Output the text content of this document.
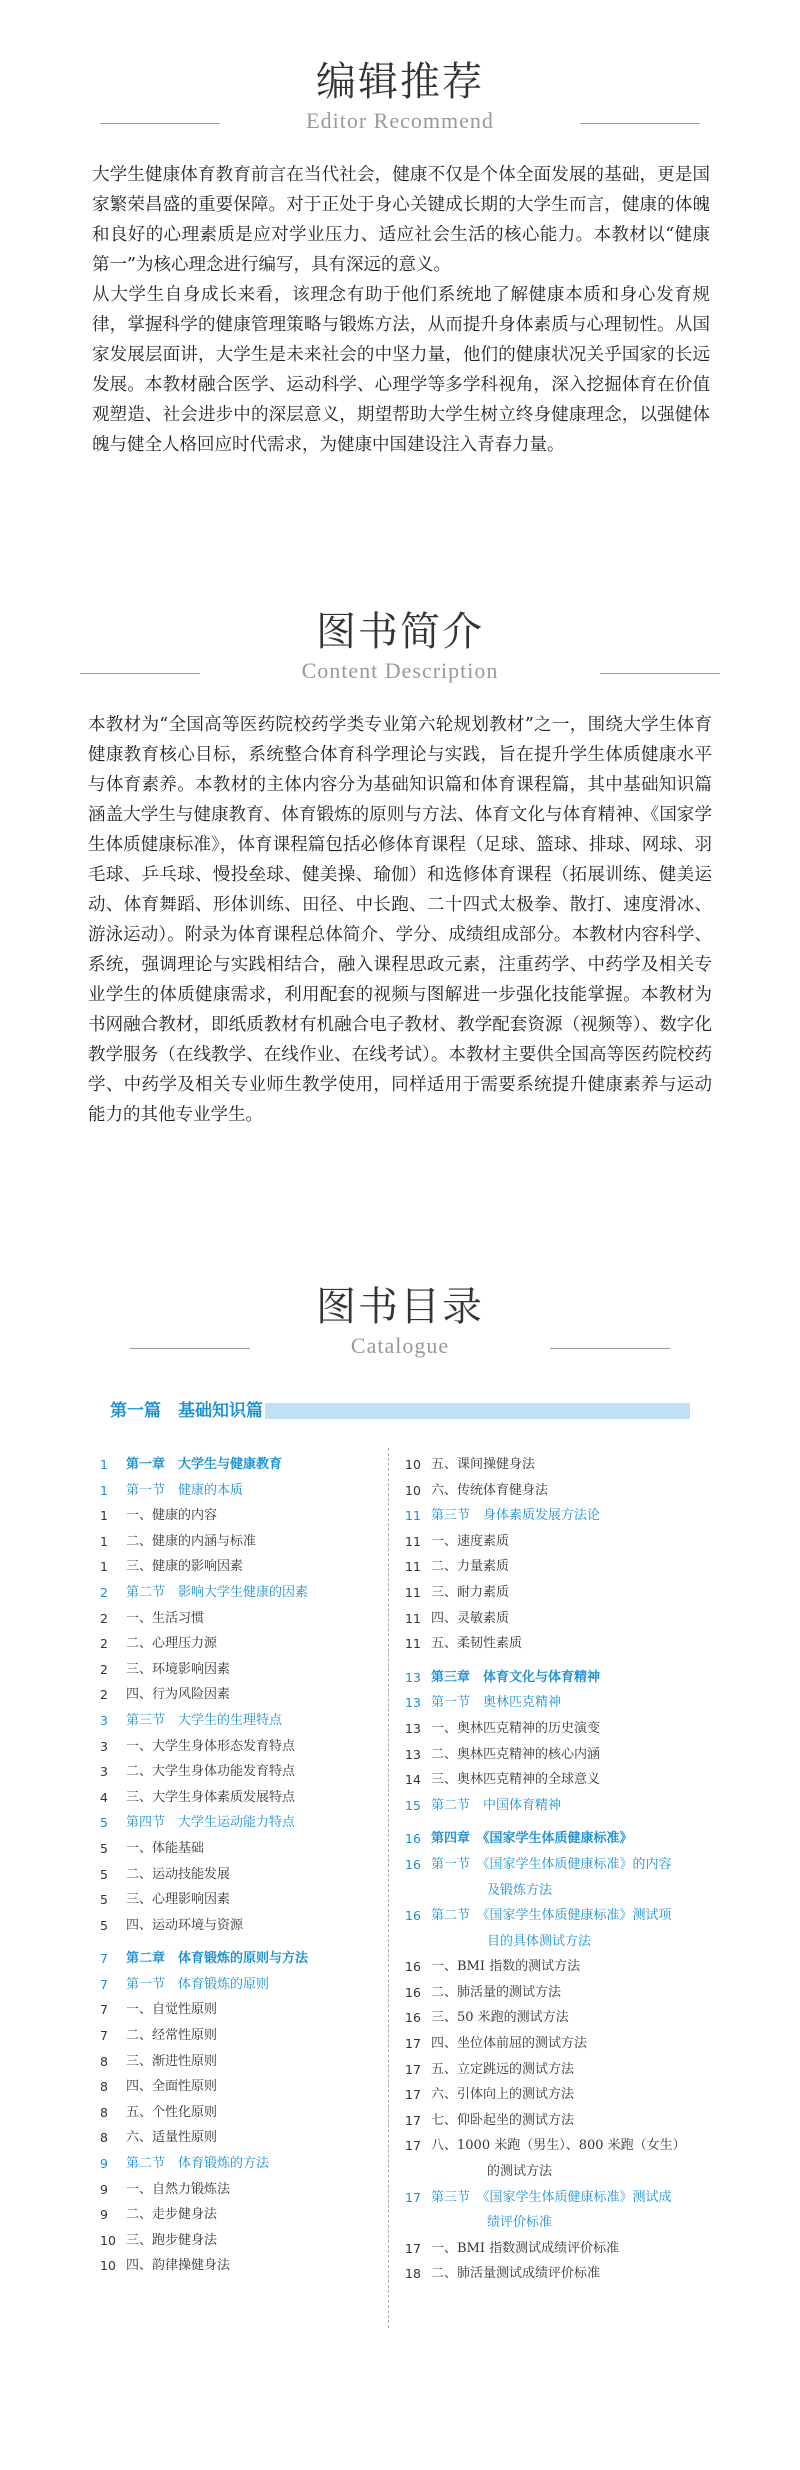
编辑推荐
Editor Recommend
大学生健康体育教育前言在当代社会，健康不仅是个体全面发展的基础，更是国家繁荣昌盛的重要保障。对于正处于身心关键成长期的大学生而言，健康的体魄和良好的心理素质是应对学业压力、适应社会生活的核心能力。本教材以“健康第一”为核心理念进行编写，具有深远的意义。
从大学生自身成长来看，该理念有助于他们系统地了解健康本质和身心发育规律，掌握科学的健康管理策略与锻炼方法，从而提升身体素质与心理韧性。从国家发展层面讲，大学生是未来社会的中坚力量，他们的健康状况关乎国家的长远发展。本教材融合医学、运动科学、心理学等多学科视角，深入挖掘体育在价值观塑造、社会进步中的深层意义，期望帮助大学生树立终身健康理念，以强健体魄与健全人格回应时代需求，为健康中国建设注入青春力量。
图书简介
Content Description
本教材为“全国高等医药院校药学类专业第六轮规划教材”之一，围绕大学生体育健康教育核心目标，系统整合体育科学理论与实践，旨在提升学生体质健康水平与体育素养。本教材的主体内容分为基础知识篇和体育课程篇，其中基础知识篇涵盖大学生与健康教育、体育锻炼的原则与方法、体育文化与体育精神、《国家学生体质健康标准》，体育课程篇包括必修体育课程（足球、篮球、排球、网球、羽毛球、乒乓球、慢投垒球、健美操、瑜伽）和选修体育课程（拓展训练、健美运动、体育舞蹈、形体训练、田径、中长跑、二十四式太极拳、散打、速度滑冰、游泳运动）。附录为体育课程总体简介、学分、成绩组成部分。本教材内容科学、系统，强调理论与实践相结合，融入课程思政元素，注重药学、中药学及相关专业学生的体质健康需求，利用配套的视频与图解进一步强化技能掌握。本教材为书网融合教材，即纸质教材有机融合电子教材、教学配套资源（视频等）、数字化教学服务（在线教学、在线作业、在线考试）。本教材主要供全国高等医药院校药学、中药学及相关专业师生教学使用，同样适用于需要系统提升健康素养与运动能力的其他专业学生。
图书目录
Catalogue
第一篇　基础知识篇
1	第一章　大学生与健康教育
1	第一节　健康的本质
1	一、健康的内容
1	二、健康的内涵与标准
1	三、健康的影响因素
2	第二节　影响大学生健康的因素
2	一、生活习惯
2	二、心理压力源
2	三、环境影响因素
2	四、行为风险因素
3	第三节　大学生的生理特点
3	一、大学生身体形态发育特点
3	二、大学生身体功能发育特点
4	三、大学生身体素质发展特点
5	第四节　大学生运动能力特点
5	一、体能基础
5	二、运动技能发展
5	三、心理影响因素
5	四、运动环境与资源
7	第二章　体育锻炼的原则与方法
7	第一节　体育锻炼的原则
7	一、自觉性原则
7	二、经常性原则
8	三、渐进性原则
8	四、全面性原则
8	五、个性化原则
8	六、适量性原则
9	第二节　体育锻炼的方法
9	一、自然力锻炼法
9	二、走步健身法
10 三、跑步健身法
10 四、韵律操健身法
10 五、课间操健身法
10 六、传统体育健身法
11 第三节　身体素质发展方法论
11 一、速度素质
11 二、力量素质
11 三、耐力素质
11 四、灵敏素质
11 五、柔韧性素质
13 第三章　体育文化与体育精神
13 第一节　奥林匹克精神
13 一、奥林匹克精神的历史演变
13 二、奥林匹克精神的核心内涵
14 三、奥林匹克精神的全球意义
15 第二节　中国体育精神
16 第四章　《国家学生体质健康标准》
16 第一节　《国家学生体质健康标准》的内容
及锻炼方法
16 第二节　《国家学生体质健康标准》测试项
目的具体测试方法
16 一、BMI 指数的测试方法
16 二、肺活量的测试方法
16 三、50 米跑的测试方法
17 四、坐位体前屈的测试方法
17 五、立定跳远的测试方法
17 六、引体向上的测试方法
17 七、仰卧起坐的测试方法
17 八、1000 米跑（男生）、800 米跑（女生）
的测试方法
17 第三节　《国家学生体质健康标准》测试成
绩评价标准
17 一、BMI 指数测试成绩评价标准
18 二、肺活量测试成绩评价标准
